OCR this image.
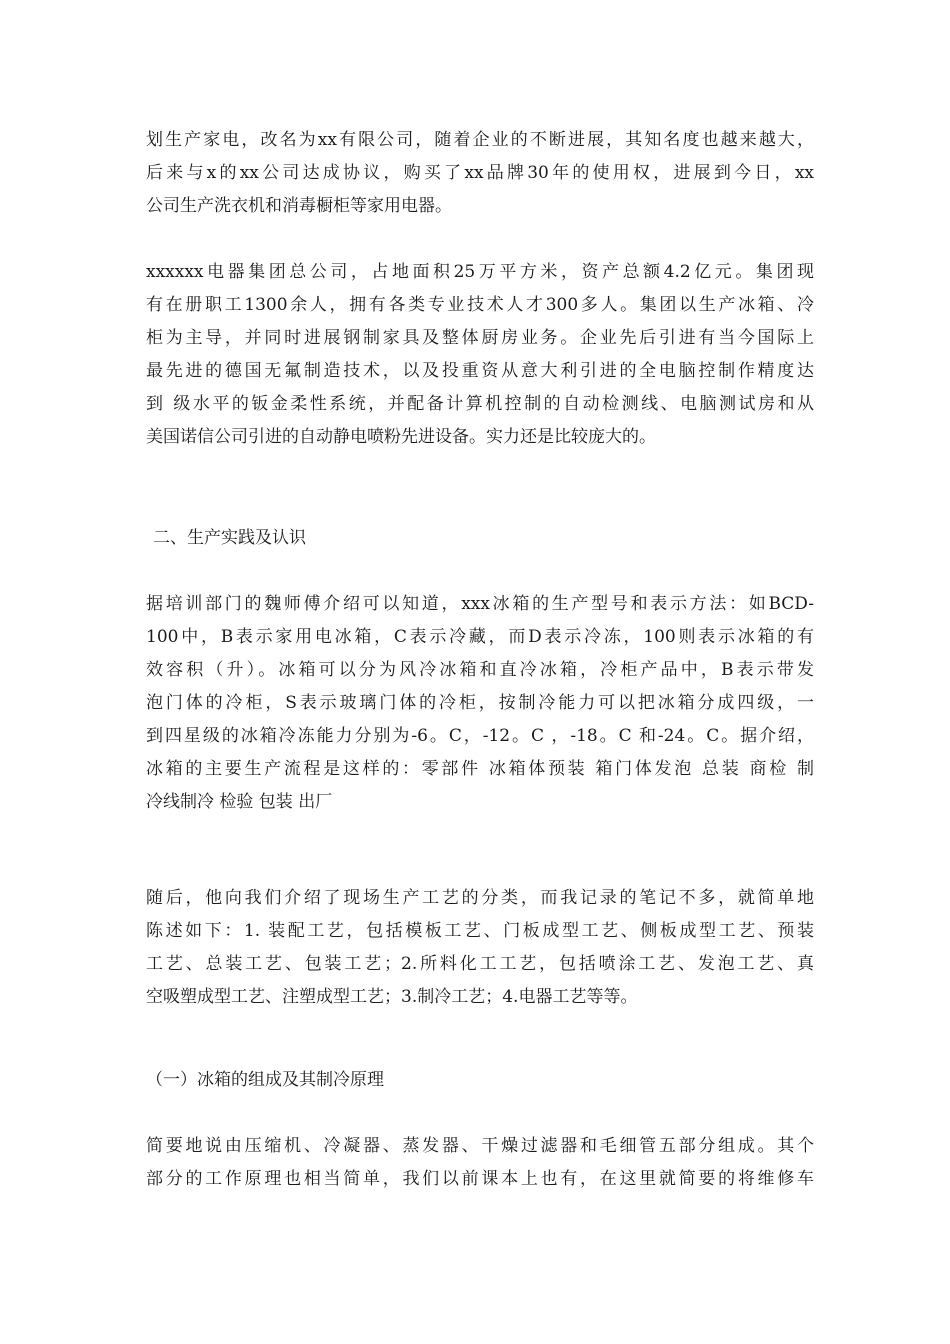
划生产家电，改名为xx有限公司，随着企业的不断进展，其知名度也越来越大，
后来与x的xx公司达成协议，购买了xx品牌30年的使用权，进展到今日，xx
公司生产洗衣机和消毒橱柜等家用电器。
xxxxxx电器集团总公司，占地面积25万平方米，资产总额4.2亿元。集团现
有在册职工1300余人，拥有各类专业技术人才300多人。集团以生产冰箱、冷
柜为主导，并同时进展钢制家具及整体厨房业务。企业先后引进有当今国际上
最先进的德国无氟制造技术，以及投重资从意大利引进的全电脑控制作精度达
到 级水平的钣金柔性系统，并配备计算机控制的自动检测线、电脑测试房和从
美国诺信公司引进的自动静电喷粉先进设备。实力还是比较庞大的。
二、生产实践及认识
据培训部门的魏师傅介绍可以知道，xxx冰箱的生产型号和表示方法：如BCD-
100中，B表示家用电冰箱，C表示冷藏，而D表示冷冻，100则表示冰箱的有
效容积（升）。冰箱可以分为风冷冰箱和直冷冰箱，冷柜产品中，B表示带发
泡门体的冷柜，S表示玻璃门体的冷柜，按制冷能力可以把冰箱分成四级，一
到四星级的冰箱冷冻能力分别为-6。C，-12。C ，-18。C 和-24。C。据介绍，
冰箱的主要生产流程是这样的：零部件 冰箱体预装 箱门体发泡 总装 商检 制
冷线制冷 检验 包装 出厂
随后，他向我们介绍了现场生产工艺的分类，而我记录的笔记不多，就简单地
陈述如下：1. 装配工艺，包括模板工艺、门板成型工艺、侧板成型工艺、预装
工艺、总装工艺、包装工艺；2.所料化工工艺，包括喷涂工艺、发泡工艺、真
空吸塑成型工艺、注塑成型工艺；3.制冷工艺；4.电器工艺等等。
（一）冰箱的组成及其制冷原理
简要地说由压缩机、冷凝器、蒸发器、干燥过滤器和毛细管五部分组成。其个
部分的工作原理也相当简单，我们以前课本上也有，在这里就简要的将维修车
